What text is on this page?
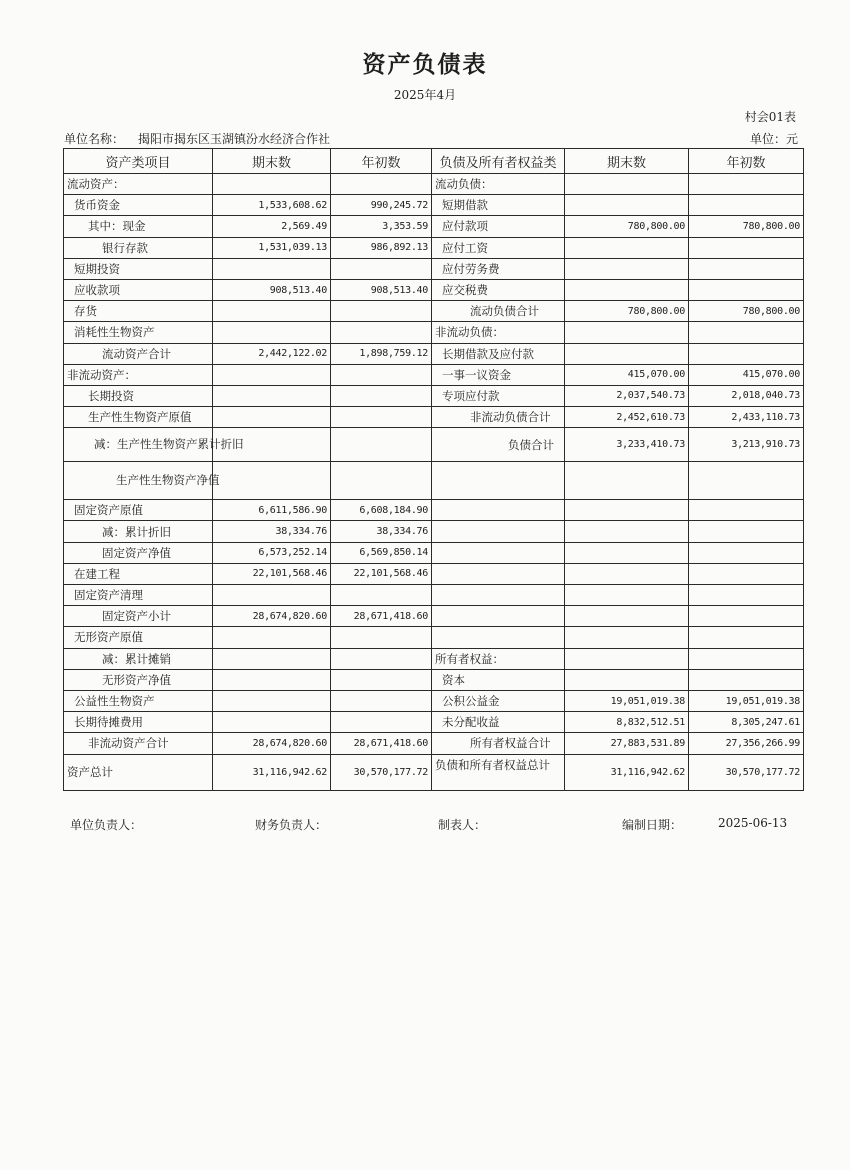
资产负债表
2025年4月
村会01表
单位名称： 揭阳市揭东区玉湖镇汾水经济合作社	单位：元
资产类项目	期末数	年初数	负债及所有者权益类	期末数	年初数
流动资产：			流动负债：		
货币资金	1,533,608.62	990,245.72	短期借款		
其中：现金	2,569.49	3,353.59	应付款项	780,800.00	780,800.00
银行存款	1,531,039.13	986,892.13	应付工资		
短期投资			应付劳务费		
应收款项	908,513.40	908,513.40	应交税费		
存货			流动负债合计	780,800.00	780,800.00
消耗性生物资产			非流动负债：		
流动资产合计	2,442,122.02	1,898,759.12	长期借款及应付款		
非流动资产：			一事一议资金	415,070.00	415,070.00
长期投资			专项应付款	2,037,540.73	2,018,040.73
生产性生物资产原值			非流动负债合计	2,452,610.73	2,433,110.73
减：生产性生物资产累计折旧			负债合计	3,233,410.73	3,213,910.73
生产性生物资产净值					
固定资产原值	6,611,586.90	6,608,184.90			
减：累计折旧	38,334.76	38,334.76			
固定资产净值	6,573,252.14	6,569,850.14			
在建工程	22,101,568.46	22,101,568.46			
固定资产清理					
固定资产小计	28,674,820.60	28,671,418.60			
无形资产原值					
减：累计摊销			所有者权益：		
无形资产净值			资本		
公益性生物资产			公积公益金	19,051,019.38	19,051,019.38
长期待摊费用			未分配收益	8,832,512.51	8,305,247.61
非流动资产合计	28,674,820.60	28,671,418.60	所有者权益合计	27,883,531.89	27,356,266.99
资产总计	31,116,942.62	30,570,177.72	负债和所有者权益总计	31,116,942.62	30,570,177.72
单位负责人：	财务负责人：	制表人：	编制日期：	2025-06-13
